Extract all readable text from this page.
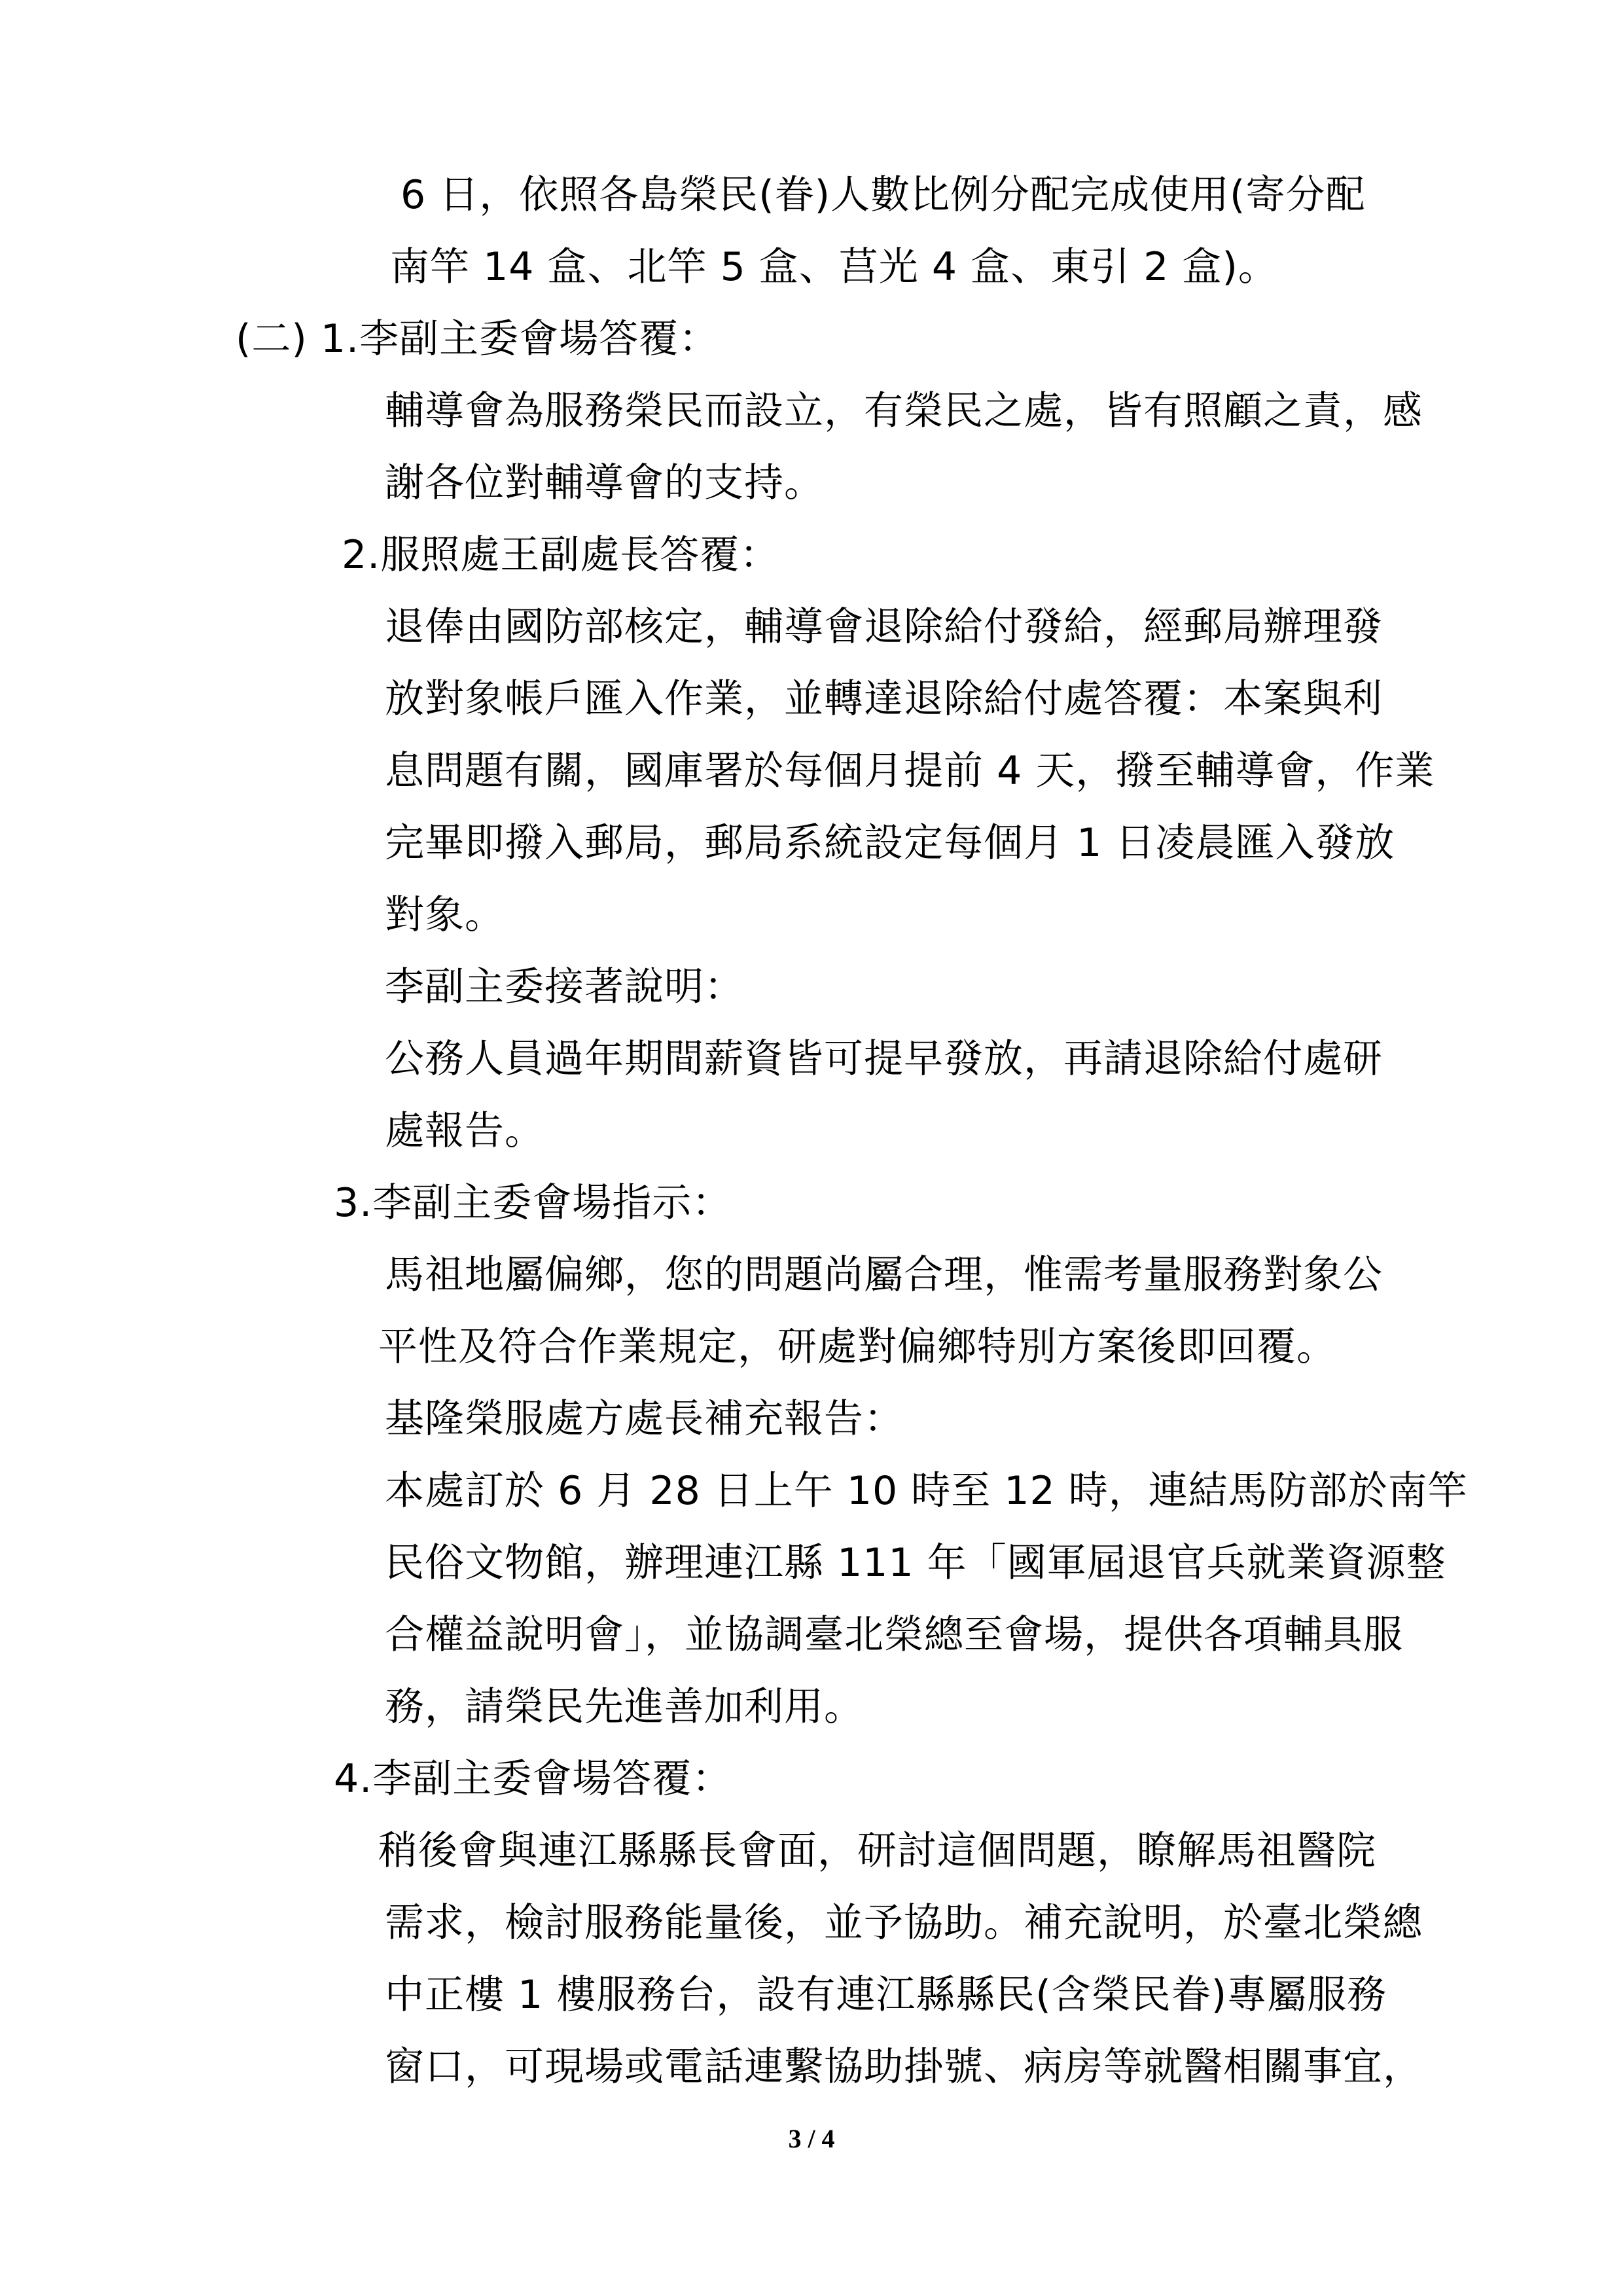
6 日，依照各島榮民(眷)人數比例分配完成使用(寄分配
南竿 14 盒、北竿 5 盒、莒光 4 盒、東引 2 盒)。
(二) 1.李副主委會場答覆：
輔導會為服務榮民而設立，有榮民之處，皆有照顧之責，感
謝各位對輔導會的支持。
2.服照處王副處長答覆：
退俸由國防部核定，輔導會退除給付發給，經郵局辦理發
放對象帳戶匯入作業，並轉達退除給付處答覆：本案與利
息問題有關，國庫署於每個月提前 4 天，撥至輔導會，作業
完畢即撥入郵局，郵局系統設定每個月 1 日凌晨匯入發放
對象。
李副主委接著說明：
公務人員過年期間薪資皆可提早發放，再請退除給付處研
處報告。
3.李副主委會場指示：
馬祖地屬偏鄉，您的問題尚屬合理，惟需考量服務對象公
平性及符合作業規定，研處對偏鄉特別方案後即回覆。
基隆榮服處方處長補充報告：
本處訂於 6 月 28 日上午 10 時至 12 時，連結馬防部於南竿
民俗文物館，辦理連江縣 111 年「國軍屆退官兵就業資源整
合權益說明會」，並協調臺北榮總至會場，提供各項輔具服
務，請榮民先進善加利用。
4.李副主委會場答覆：
稍後會與連江縣縣長會面，研討這個問題，瞭解馬祖醫院
需求，檢討服務能量後，並予協助。補充說明，於臺北榮總
中正樓 1 樓服務台，設有連江縣縣民(含榮民眷)專屬服務
窗口，可現場或電話連繫協助掛號、病房等就醫相關事宜，
3 / 4
